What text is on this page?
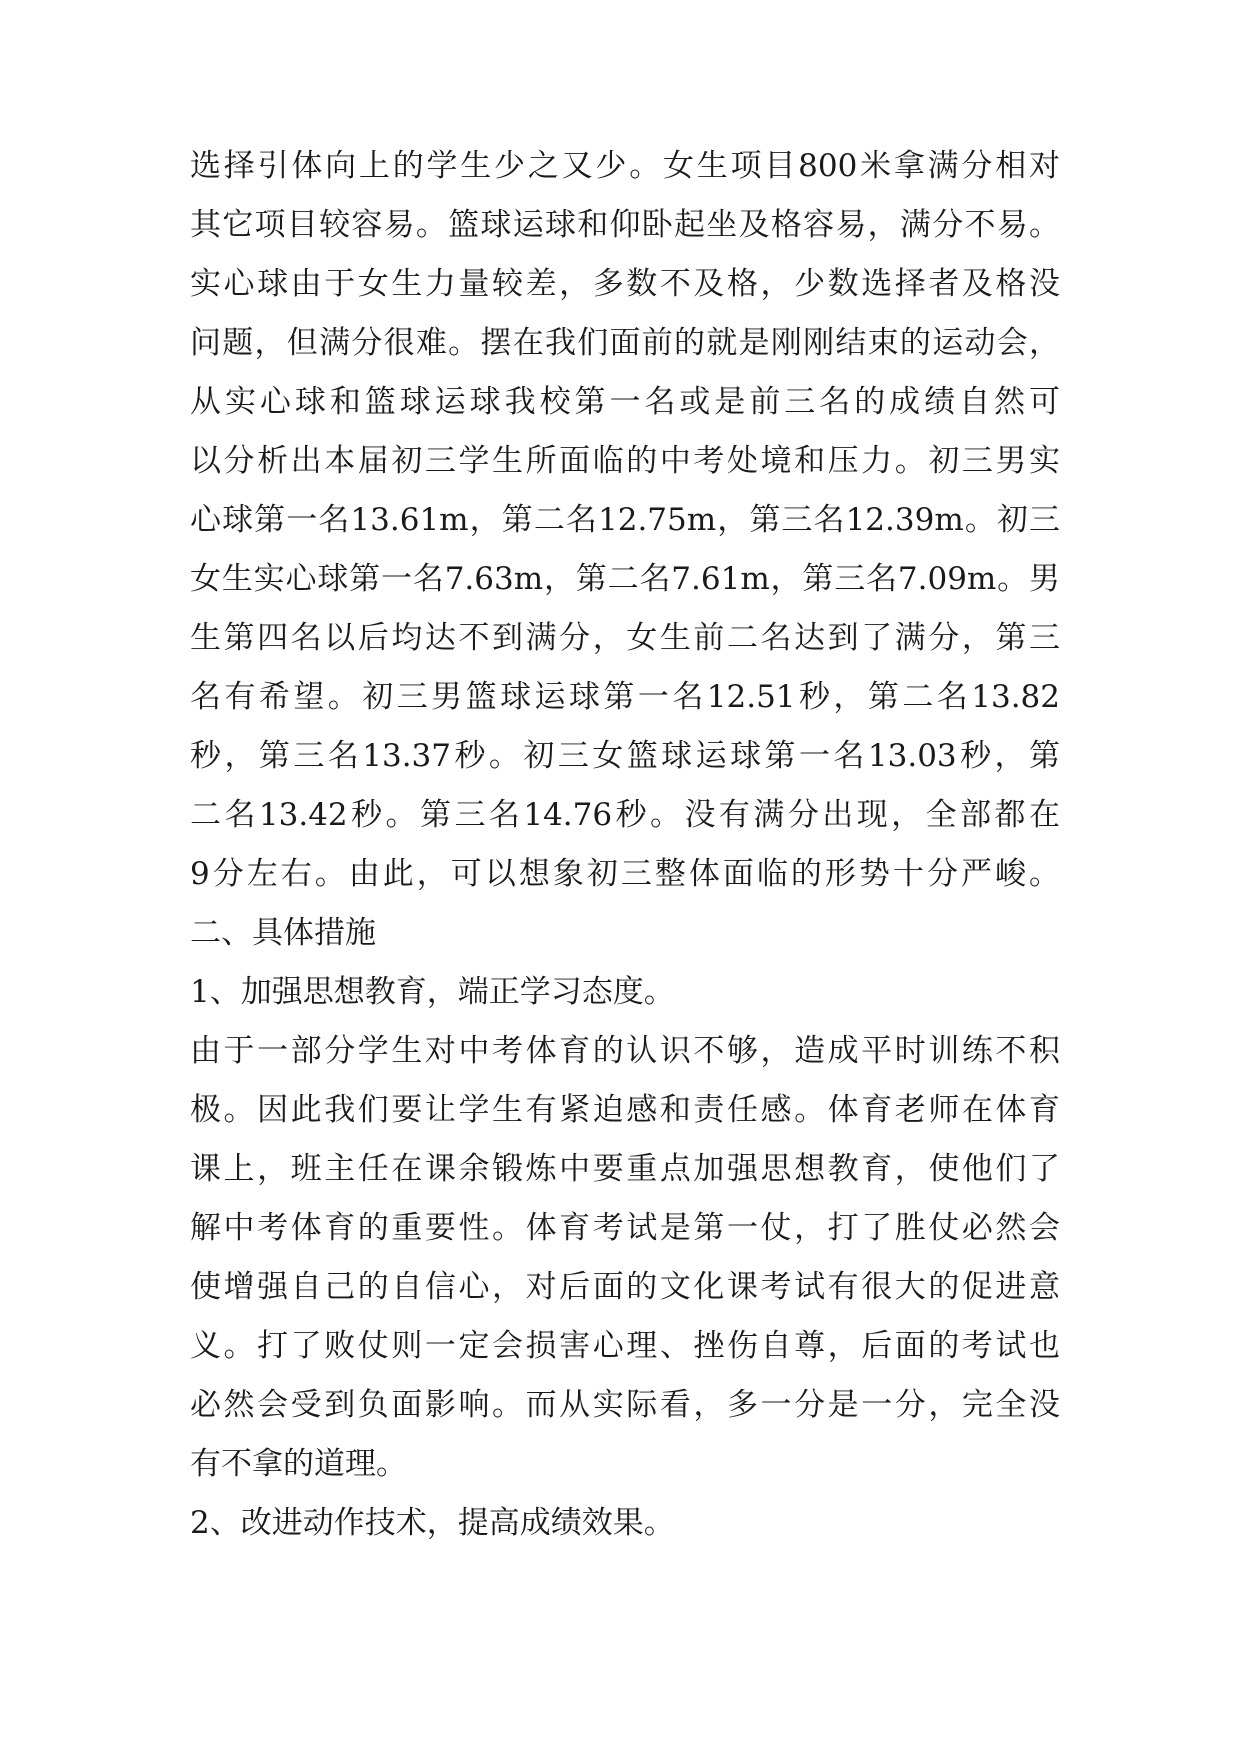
选择引体向上的学生少之又少。女生项目800米拿满分相对
其它项目较容易。篮球运球和仰卧起坐及格容易，满分不易。
实心球由于女生力量较差，多数不及格，少数选择者及格没
问题，但满分很难。摆在我们面前的就是刚刚结束的运动会，
从实心球和篮球运球我校第一名或是前三名的成绩自然可
以分析出本届初三学生所面临的中考处境和压力。初三男实
心球第一名13.61m，第二名12.75m，第三名12.39m。初三
女生实心球第一名7.63m，第二名7.61m，第三名7.09m。男
生第四名以后均达不到满分，女生前二名达到了满分，第三
名有希望。初三男篮球运球第一名12.51秒，第二名13.82
秒，第三名13.37秒。初三女篮球运球第一名13.03秒，第
二名13.42秒。第三名14.76秒。没有满分出现，全部都在
9分左右。由此，可以想象初三整体面临的形势十分严峻。
二、具体措施
1、加强思想教育，端正学习态度。
由于一部分学生对中考体育的认识不够，造成平时训练不积
极。因此我们要让学生有紧迫感和责任感。体育老师在体育
课上，班主任在课余锻炼中要重点加强思想教育，使他们了
解中考体育的重要性。体育考试是第一仗，打了胜仗必然会
使增强自己的自信心，对后面的文化课考试有很大的促进意
义。打了败仗则一定会损害心理、挫伤自尊，后面的考试也
必然会受到负面影响。而从实际看，多一分是一分，完全没
有不拿的道理。
2、改进动作技术，提高成绩效果。
